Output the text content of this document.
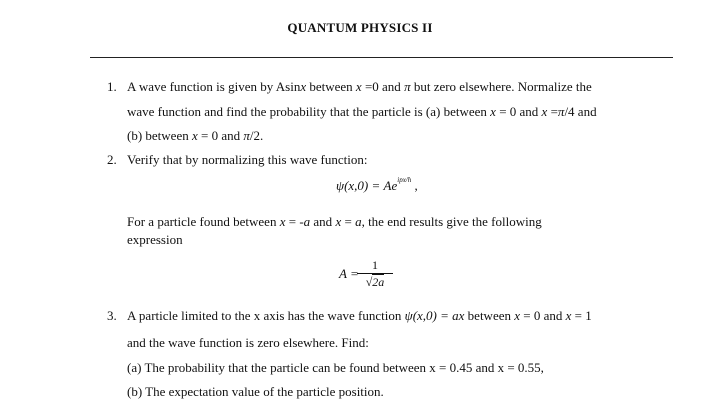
QUANTUM PHYSICS II
1. A wave function is given by Asinx between x =0 and π but zero elsewhere. Normalize the
wave function and find the probability that the particle is (a) between x = 0 and x =π/4 and
(b) between x = 0 and π/2.
2. Verify that by normalizing this wave function:
$\psi(x,0) = Ae^{ipx/ħ}$ ,
For a particle found between x = -a and x = a, the end results give the following
expression
A =
1
√2a
3. A particle limited to the x axis has the wave function ψ(x,0) = ax between x = 0 and x = 1
and the wave function is zero elsewhere. Find:
(a) The probability that the particle can be found between x = 0.45 and x = 0.55,
(b) The expectation value of the particle position.
